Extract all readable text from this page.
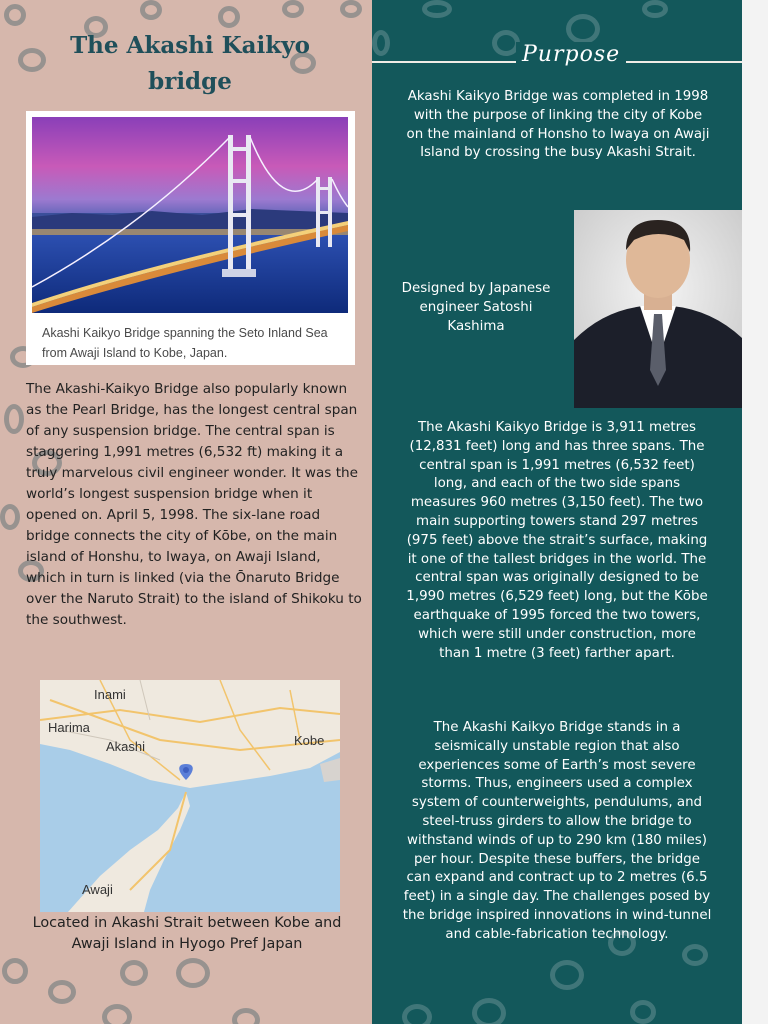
The Akashi Kaikyo bridge
Akashi Kaikyo Bridge spanning the Seto Inland Sea from Awaji Island to Kobe, Japan.

The Akashi-Kaikyo Bridge also popularly known as the Pearl Bridge, has the longest central span of any suspension bridge. The central span is staggering 1,991 metres (6,532 ft) making it a truly marvelous civil engineer wonder. It was the world’s longest suspension bridge when it opened on. April 5, 1998. The six-lane road bridge connects the city of Kōbe, on the main island of Honshu, to Iwaya, on Awaji Island, which in turn is linked (via the Ōnaruto Bridge over the Naruto Strait) to the island of Shikoku to the southwest.

Inami
Harima
Akashi	Kobe
Awaji
Located in Akashi Strait between Kobe and Awaji Island in Hyogo Pref Japan
Purpose
Akashi Kaikyo Bridge was completed in 1998 with the purpose of linking the city of Kobe on the mainland of Honsho to Iwaya on Awaji Island by crossing the busy Akashi Strait.
Designed by Japanese engineer Satoshi Kashima
The Akashi Kaikyo Bridge is 3,911 metres (12,831 feet) long and has three spans. The central span is 1,991 metres (6,532 feet) long, and each of the two side spans measures 960 metres (3,150 feet). The two main supporting towers stand 297 metres (975 feet) above the strait’s surface, making it one of the tallest bridges in the world. The central span was originally designed to be 1,990 metres (6,529 feet) long, but the Kōbe earthquake of 1995 forced the two towers, which were still under construction, more than 1 metre (3 feet) farther apart.
The Akashi Kaikyo Bridge stands in a seismically unstable region that also experiences some of Earth’s most severe storms. Thus, engineers used a complex system of counterweights, pendulums, and steel-truss girders to allow the bridge to withstand winds of up to 290 km (180 miles) per hour. Despite these buffers, the bridge can expand and contract up to 2 metres (6.5 feet) in a single day. The challenges posed by the bridge inspired innovations in wind-tunnel and cable-fabrication technology.
